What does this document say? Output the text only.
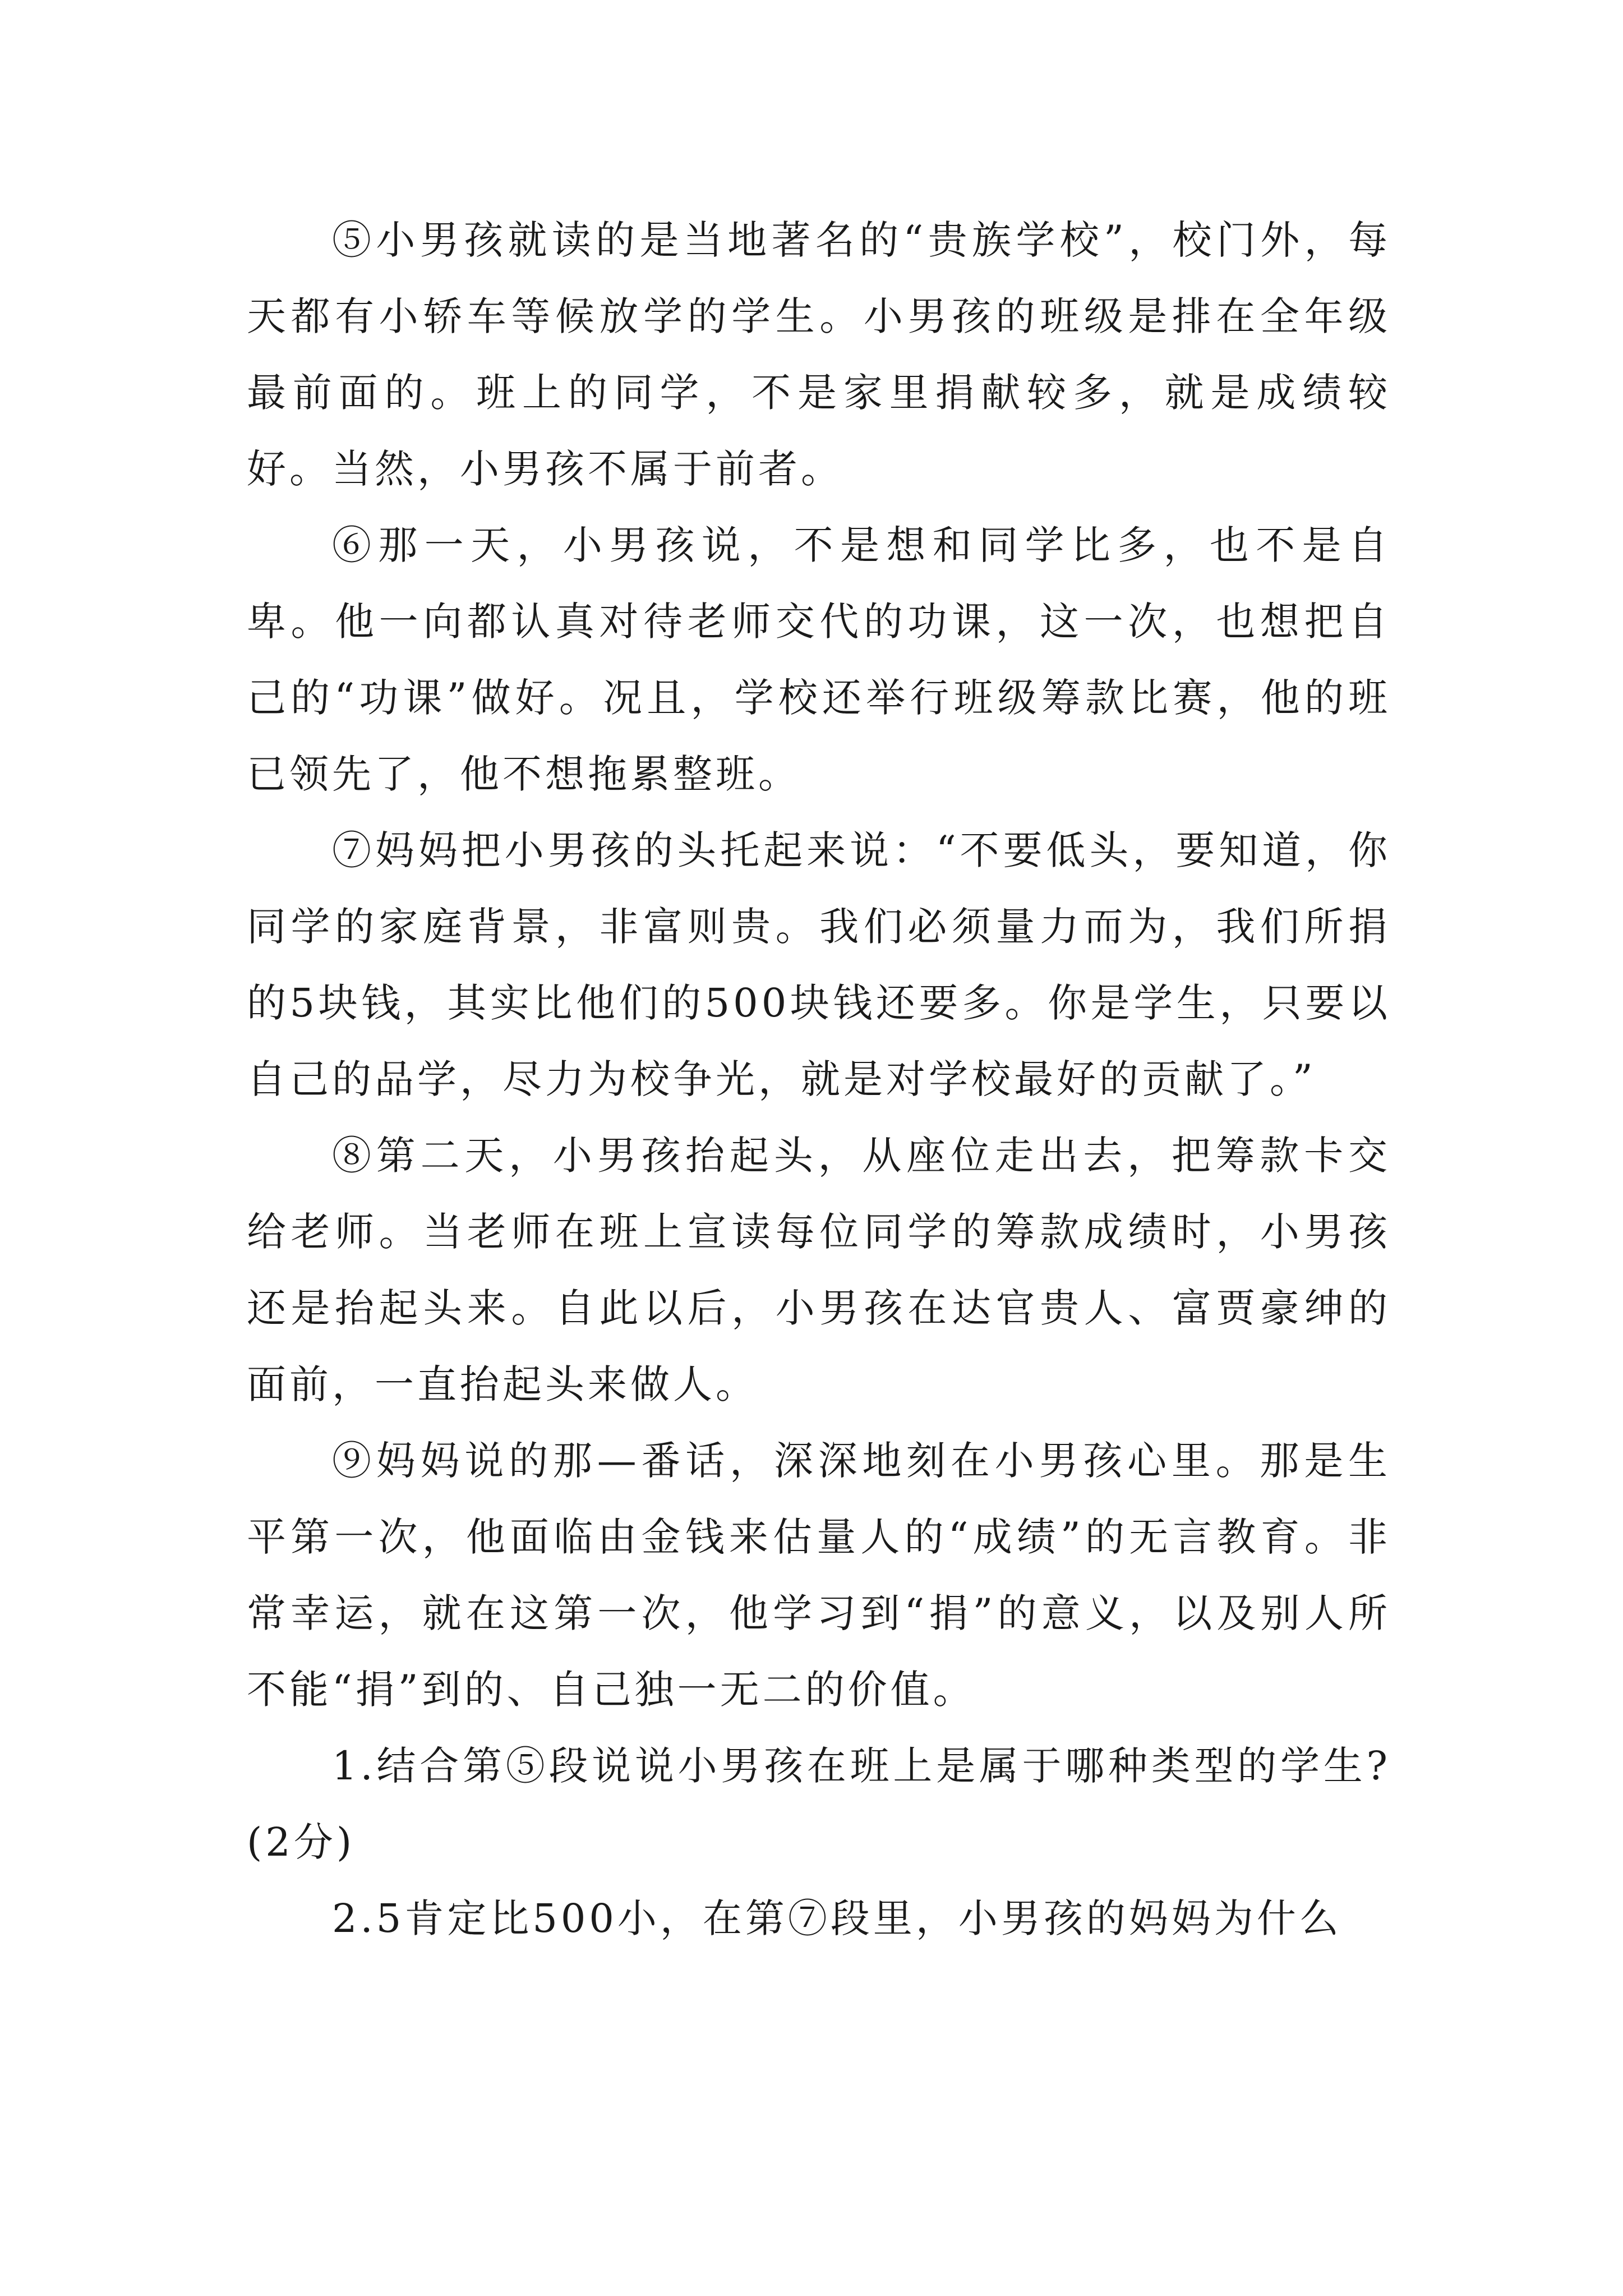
⑤小男孩就读的是当地著名的“贵族学校”，校门外，每天都有小轿车等候放学的学生。小男孩的班级是排在全年级最前面的。班上的同学，不是家里捐献较多，就是成绩较好。当然，小男孩不属于前者。

⑥那一天，小男孩说，不是想和同学比多，也不是自卑。他一向都认真对待老师交代的功课，这一次，也想把自己的“功课”做好。况且，学校还举行班级筹款比赛，他的班已领先了，他不想拖累整班。

⑦妈妈把小男孩的头托起来说：“不要低头，要知道，你同学的家庭背景，非富则贵。我们必须量力而为，我们所捐的5块钱，其实比他们的500块钱还要多。你是学生，只要以自己的品学，尽力为校争光，就是对学校最好的贡献了。”

⑧第二天，小男孩抬起头，从座位走出去，把筹款卡交给老师。当老师在班上宣读每位同学的筹款成绩时，小男孩还是抬起头来。自此以后，小男孩在达官贵人、富贾豪绅的面前，一直抬起头来做人。

⑨妈妈说的那—番话，深深地刻在小男孩心里。那是生平第一次，他面临由金钱来估量人的“成绩”的无言教育。非常幸运，就在这第一次，他学习到“捐”的意义，以及别人所不能“捐”到的、自己独一无二的价值。

1.结合第⑤段说说小男孩在班上是属于哪种类型的学生?(2分)

2.5肯定比500小，在第⑦段里，小男孩的妈妈为什么
